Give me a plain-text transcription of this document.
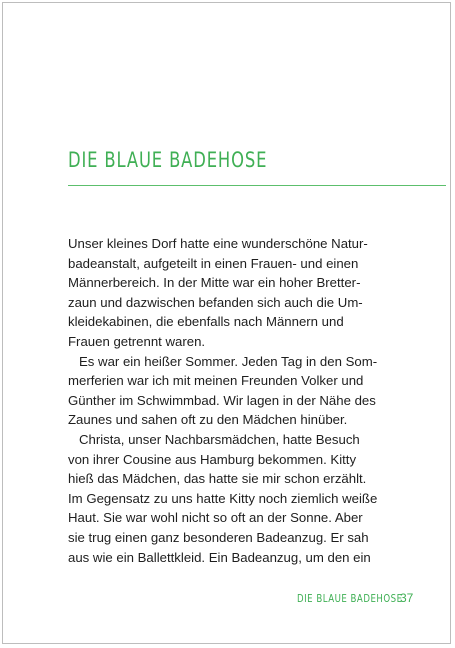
DIE BLAUE BADEHOSE

Unser kleines Dorf hatte eine wunderschöne Natur-
badeanstalt, aufgeteilt in einen Frauen- und einen
Männerbereich. In der Mitte war ein hoher Bretter-
zaun und dazwischen befanden sich auch die Um-
kleidekabinen, die ebenfalls nach Männern und
Frauen getrennt waren.

Es war ein heißer Sommer. Jeden Tag in den Som-
merferien war ich mit meinen Freunden Volker und
Günther im Schwimmbad. Wir lagen in der Nähe des
Zaunes und sahen oft zu den Mädchen hinüber.

Christa, unser Nachbarsmädchen, hatte Besuch
von ihrer Cousine aus Hamburg bekommen. Kitty
hieß das Mädchen, das hatte sie mir schon erzählt.
Im Gegensatz zu uns hatte Kitty noch ziemlich weiße
Haut. Sie war wohl nicht so oft an der Sonne. Aber
sie trug einen ganz besonderen Badeanzug. Er sah
aus wie ein Ballettkleid. Ein Badeanzug, um den ein

DIE BLAUE BADEHOSE
37
